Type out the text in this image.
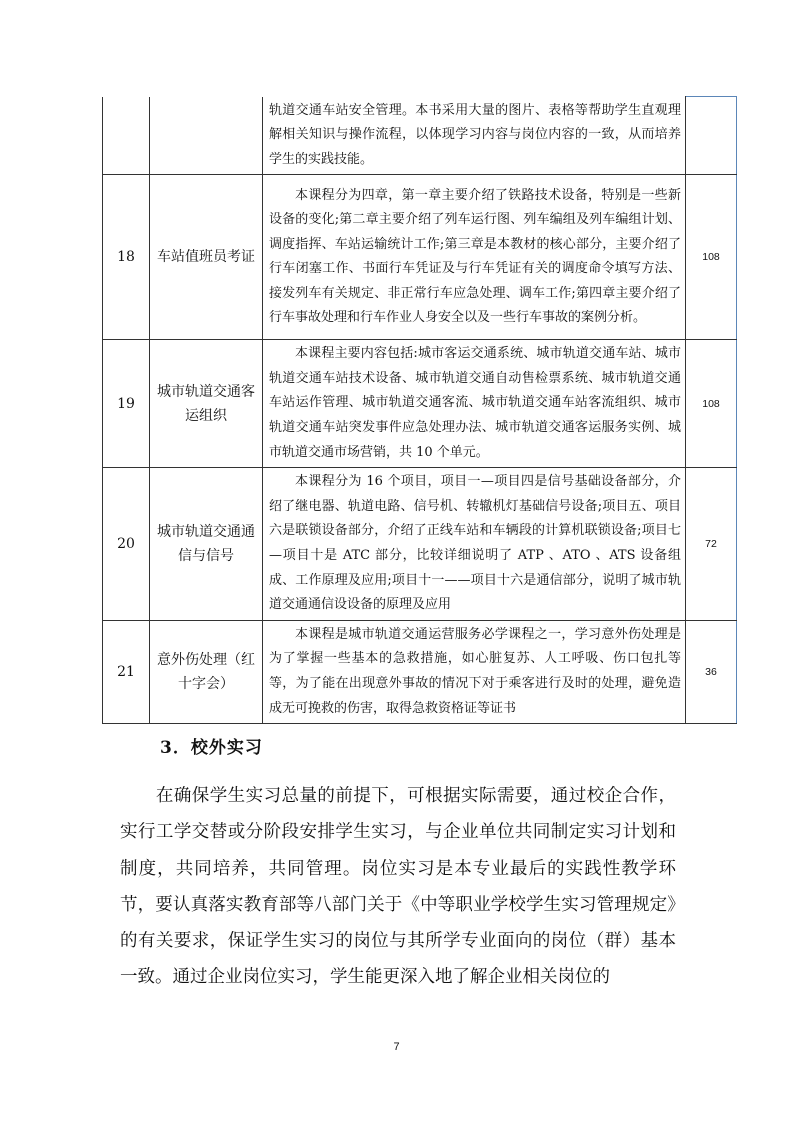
		轨道交通车站安全管理。本书采用大量的图片、表格等帮助学生直观理解相关知识与操作流程，以体现学习内容与岗位内容的一致，从而培养学生的实践技能。	
18	车站值班员考证	本课程分为四章，第一章主要介绍了铁路技术设备，特别是一些新设备的变化;第二章主要介绍了列车运行图、列车编组及列车编组计划、调度指挥、车站运输统计工作;第三章是本教材的核心部分，主要介绍了行车闭塞工作、书面行车凭证及与行车凭证有关的调度命令填写方法、接发列车有关规定、非正常行车应急处理、调车工作;第四章主要介绍了行车事故处理和行车作业人身安全以及一些行车事故的案例分析。	108
19	城市轨道交通客运组织	本课程主要内容包括:城市客运交通系统、城市轨道交通车站、城市轨道交通车站技术设备、城市轨道交通自动售检票系统、城市轨道交通车站运作管理、城市轨道交通客流、城市轨道交通车站客流组织、城市轨道交通车站突发事件应急处理办法、城市轨道交通客运服务实例、城市轨道交通市场营销，共 10 个单元。	108
20	城市轨道交通通信与信号	本课程分为 16 个项目，项目一—项目四是信号基础设备部分，介绍了继电器、轨道电路、信号机、转辙机灯基础信号设备;项目五、项目六是联锁设备部分，介绍了正线车站和车辆段的计算机联锁设备;项目七—项目十是 ATC 部分，比较详细说明了 ATP 、ATO 、ATS 设备组成、工作原理及应用;项目十一——项目十六是通信部分，说明了城市轨道交通通信设设备的原理及应用	72
21	意外伤处理（红十字会）	本课程是城市轨道交通运营服务必学课程之一，学习意外伤处理是为了掌握一些基本的急救措施，如心脏复苏、人工呼吸、伤口包扎等等，为了能在出现意外事故的情况下对于乘客进行及时的处理，避免造成无可挽救的伤害，取得急救资格证等证书	36
3．校外实习

在确保学生实习总量的前提下，可根据实际需要，通过校企合作，实行工学交替或分阶段安排学生实习，与企业单位共同制定实习计划和制度，共同培养，共同管理。岗位实习是本专业最后的实践性教学环节，要认真落实教育部等八部门关于《中等职业学校学生实习管理规定》的有关要求，保证学生实习的岗位与其所学专业面向的岗位（群）基本一致。通过企业岗位实习，学生能更深入地了解企业相关岗位的

7
